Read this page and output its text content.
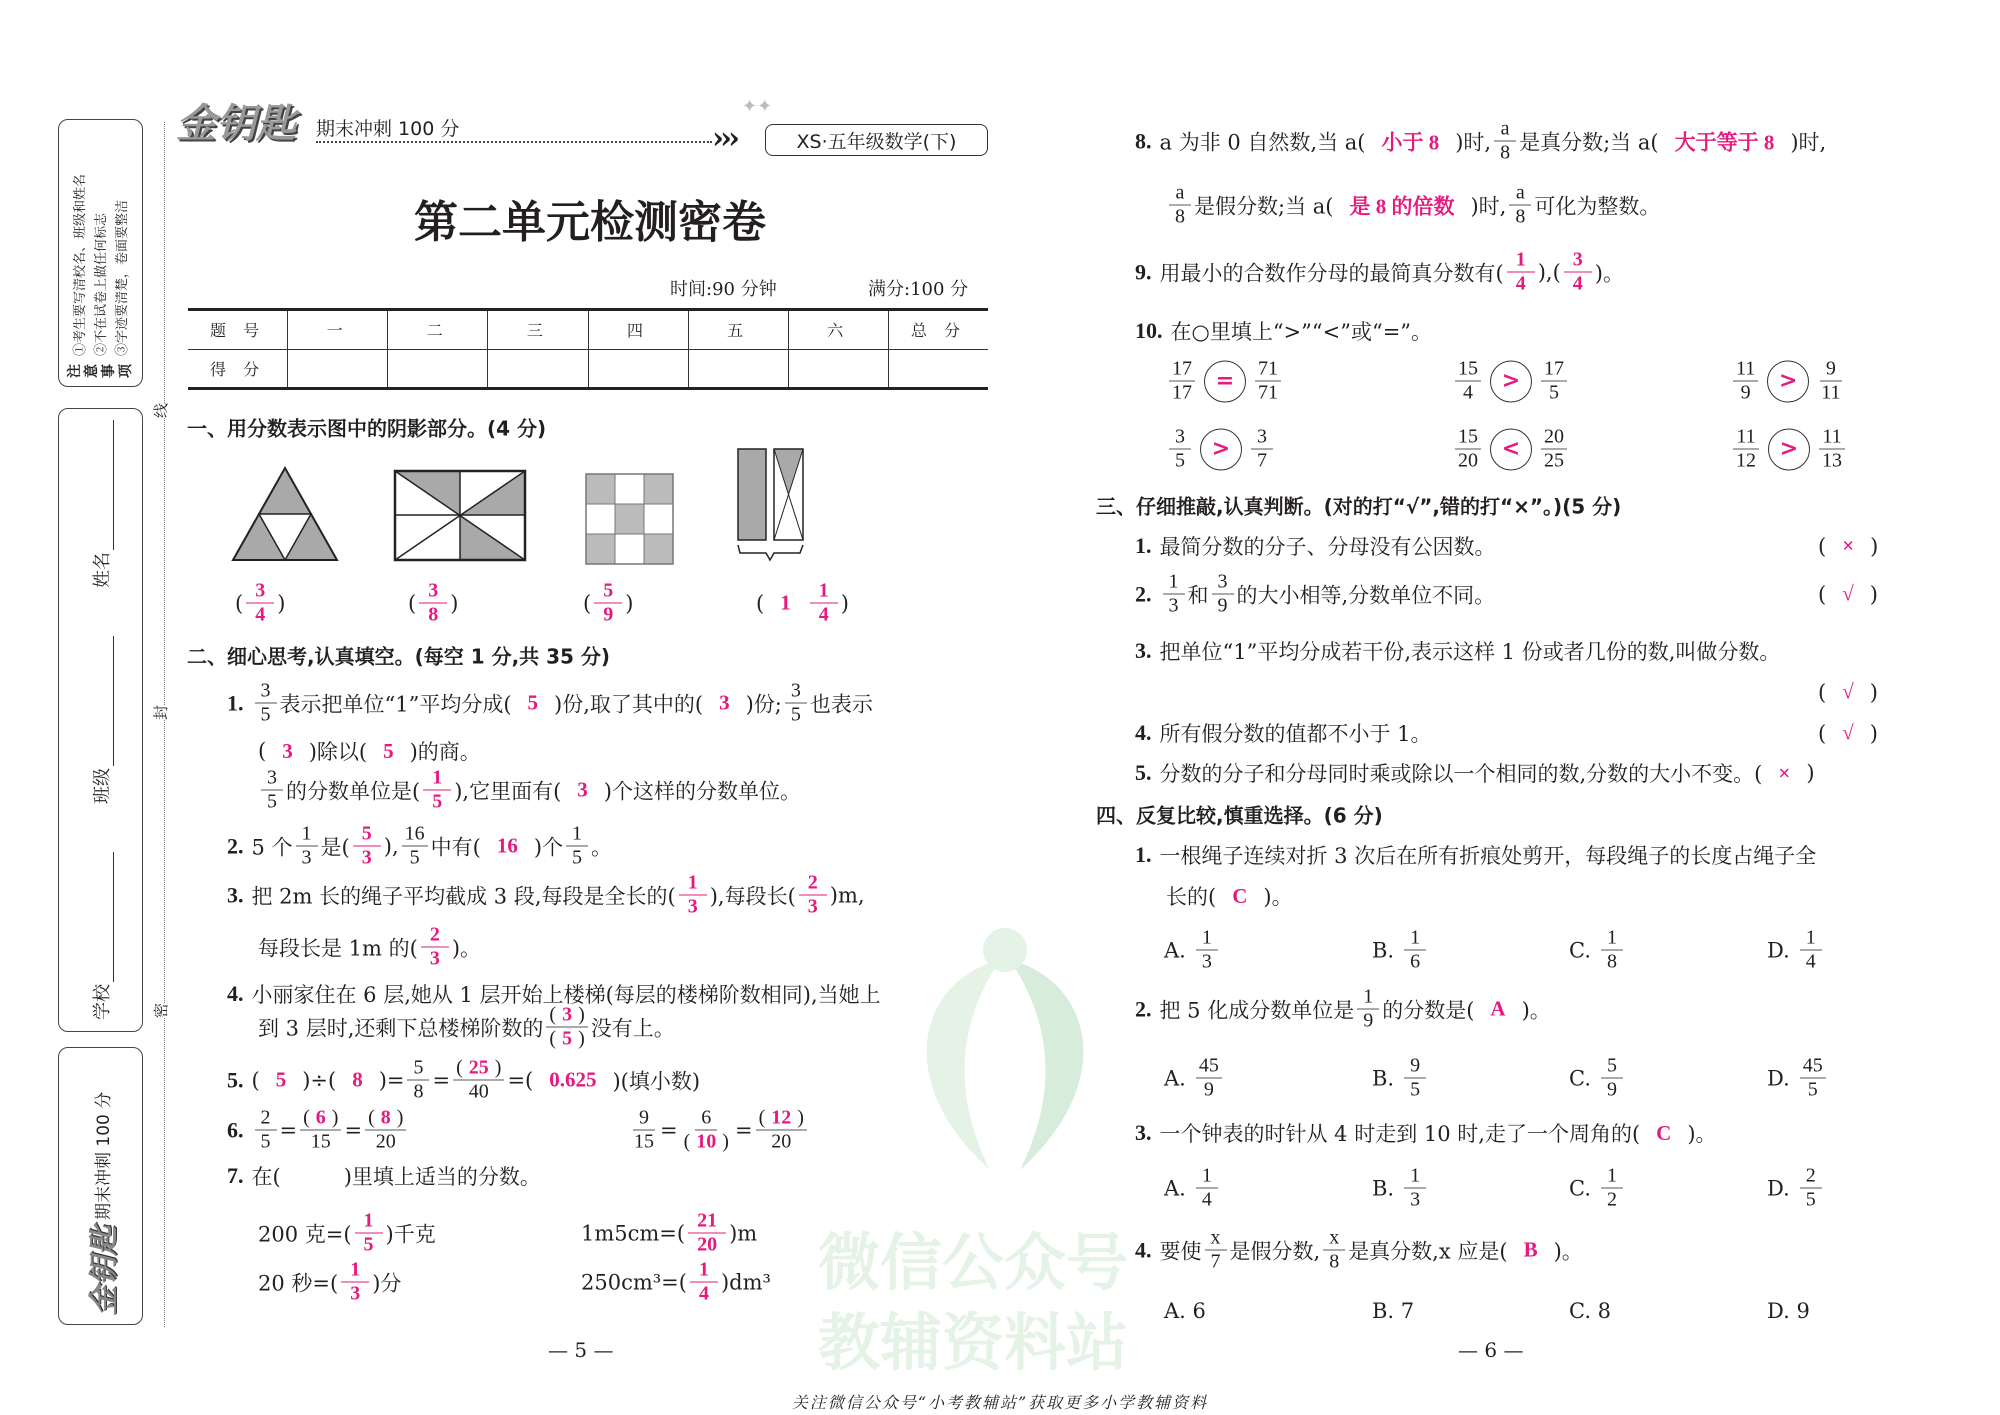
微信公众号
教辅资料站
注 意 事 项
①考生要写清校名、班级和姓名 ②不在试卷上做任何标志 ③字迹要清楚，卷面要整洁
学校
班级
姓名
金钥匙
期末冲刺 100 分
线
封
密
金钥匙	期末冲刺 100 分	›››
✦✦
XS·五年级数学(下)
第二单元检测密卷
时间:90 分钟	满分:100 分
题 号	一	二	三	四	五	六	总 分
得 分							
一、用分数表示图中的阴影部分。(4 分)
( $\frac{3}{4}$ )	( $\frac{3}{8}$ )	( $\frac{5}{9}$ )	( $1 \frac{1}{4}$ )
二、细心思考,认真填空。(每空 1 分,共 35 分)
1. $\frac{3}{5}$ 表示把单位“1”平均分成( 5 )份,取了其中的( 3 )份; $\frac{3}{5}$ 也表示
( 3 )除以( 5 )的商。
$\frac{3}{5}$ 的分数单位是( $\frac{1}{5}$ ),它里面有( 3 )个这样的分数单位。
2. 5 个 $\frac{1}{3}$ 是( $\frac{5}{3}$ ), $\frac{16}{5}$ 中有( 16 )个 $\frac{1}{5}$ 。
3. 把 2m 长的绳子平均截成 3 段,每段是全长的( $\frac{1}{3}$ ),每段长( $\frac{2}{3} )m$,
每段长是 1m 的( $\frac{2}{3}$ )。
4. 小丽家住在 6 层,她从 1 层开始上楼梯(每层的楼梯阶数相同),当她上
到 3 层时,还剩下总楼梯阶数的 $\frac{( 3 )}{( 5 )}$ 没有上。
5. ( 5 )÷( 8 )= $\frac{5}{8} = \frac{( 25 )}{40}$ =( 0.625 )(填小数)
6. $\frac{2}{5} = \frac{( 6 )}{15} = \frac{( 8 )}{20}$	$\frac{9}{15} = \frac{6}{( 10 )} = \frac{( 12 )}{20}$
7. 在(　　　)里填上适当的分数。
200 克=( $\frac{1}{5}$ )千克	$1m5cm=( \frac{21}{20} )m$
20 秒=( $\frac{1}{3}$ )分	$250cm^3=( \frac{1}{4} )dm^3$
8. a 为非 0 自然数,当 a( 小于 8 )时, $\frac{a}{8}$ 是真分数;当 a( 大于等于 8 )时,
$\frac{a}{8}$ 是假分数;当 a( 是 8 的倍数 )时, $\frac{a}{8}$ 可化为整数。
9. 用最小的合数作分母的最简真分数有( $\frac{1}{4}$ ),( $\frac{3}{4}$ )。
10. 在○里填上“>”“<”或“=”。
$\frac{17}{17}$ =	$\frac{71}{71}$	$\frac{15}{4}$ >	$\frac{17}{5}$	$\frac{11}{9}$ >	$\frac{9}{11}$
$\frac{3}{5}$ >	$\frac{3}{7}$	$\frac{15}{20}$ <	$\frac{20}{25}$	$\frac{11}{12}$ >	$\frac{11}{13}$
三、仔细推敲,认真判断。(对的打“√”,错的打“×”。)(5 分)
1. 最简分数的分子、分母没有公因数。	( × )
2. $\frac{1}{3}$ 和 $\frac{3}{9}$ 的大小相等,分数单位不同。	( √ )
3. 把单位“1”平均分成若干份,表示这样 1 份或者几份的数,叫做分数。
( √ )
4. 所有假分数的值都不小于 1。	( √ )
5. 分数的分子和分母同时乘或除以一个相同的数,分数的大小不变。( × )
四、反复比较,慎重选择。(6 分)
1. 一根绳子连续对折 3 次后在所有折痕处剪开，每段绳子的长度占绳子全
长的( C )。
A. $\frac{1}{3}$	B. $\frac{1}{6}$	C. $\frac{1}{8}$	D. $\frac{1}{4}$
2. 把 5 化成分数单位是 $\frac{1}{9}$ 的分数是( A )。
A. $\frac{45}{9}$	B. $\frac{9}{5}$	C. $\frac{5}{9}$	D. $\frac{45}{5}$
3. 一个钟表的时针从 4 时走到 10 时,走了一个周角的( C )。
A. $\frac{1}{4}$	B. $\frac{1}{3}$	C. $\frac{1}{2}$	D. $\frac{2}{5}$
4. 要使 $\frac{x}{7}$ 是假分数, $\frac{x}{8}$ 是真分数,x 应是( B )。
A. 6	B. 7	C. 8	D. 9
— 5 —	— 6 —
关注微信公众号“小考教辅站”获取更多小学教辅资料
